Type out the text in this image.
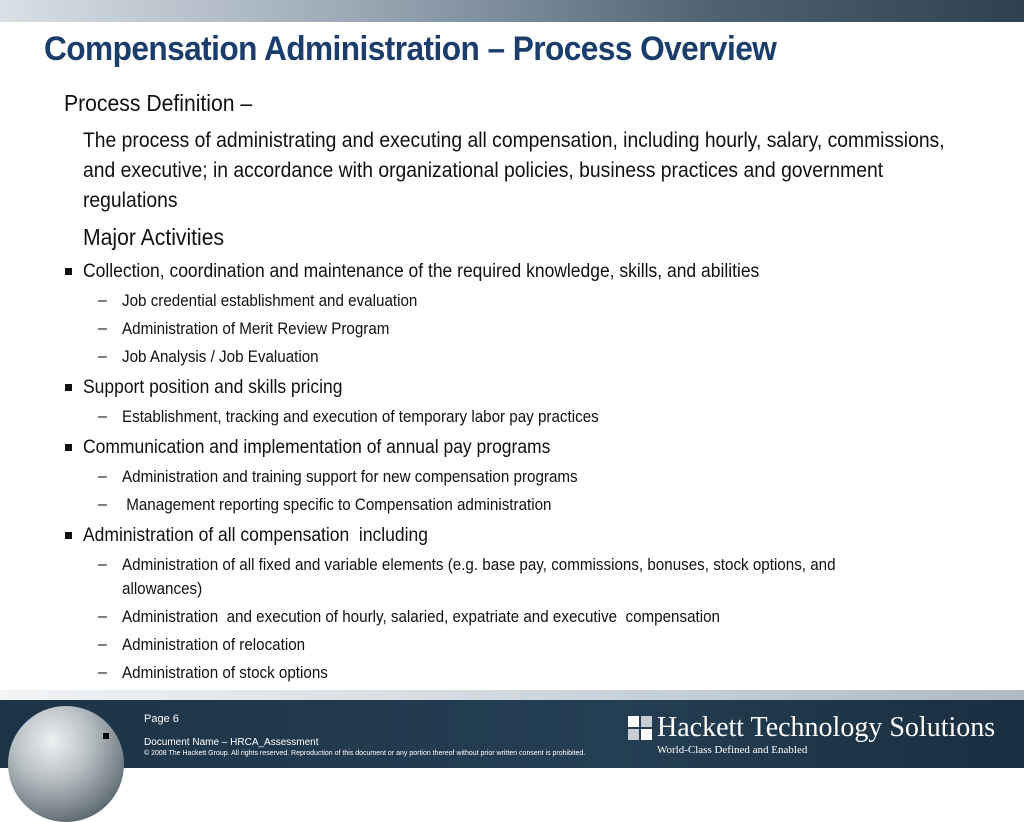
Compensation Administration – Process Overview
Process Definition –
The process of administrating and executing all compensation, including hourly, salary, commissions, and executive; in accordance with organizational policies, business practices and government regulations
Major Activities
Collection, coordination and maintenance of the required knowledge, skills, and abilities
– Job credential establishment and evaluation
– Administration of Merit Review Program
– Job Analysis / Job Evaluation
Support position and skills pricing
– Establishment, tracking and execution of temporary labor pay practices
Communication and implementation of annual pay programs
– Administration and training support for new compensation programs
– Management reporting specific to Compensation administration
Administration of all compensation  including
– Administration of all fixed and variable elements (e.g. base pay, commissions, bonuses, stock options, and
allowances)
– Administration  and execution of hourly, salaried, expatriate and executive  compensation
– Administration of relocation
– Administration of stock options
Page 6
Document Name – HRCA_Assessment
© 2008 The Hackett Group. All rights reserved. Reproduction of this document or any portion thereof without prior written consent is prohibited.
Hackett Technology Solutions
World-Class Defined and Enabled
